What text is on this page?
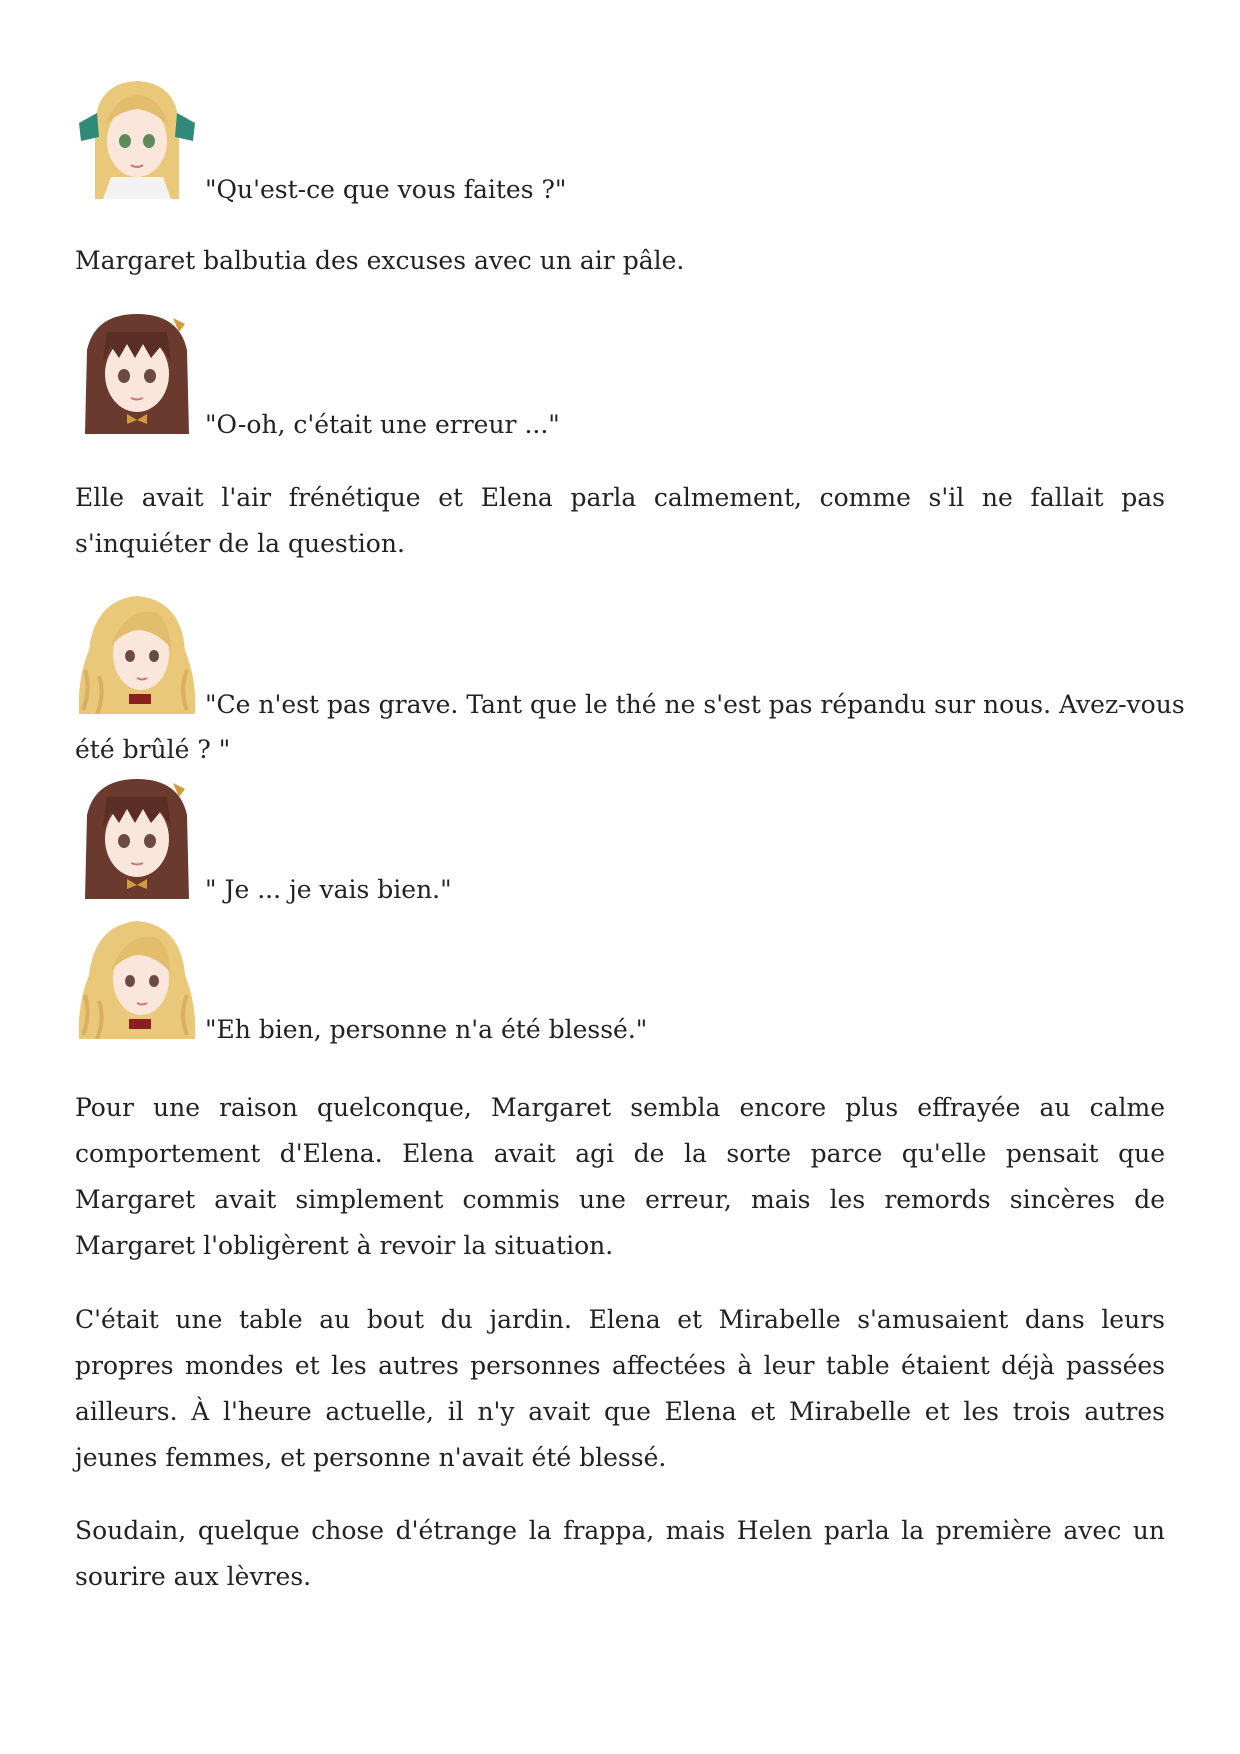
"Qu'est-ce que vous faites ?"

Margaret balbutia des excuses avec un air pâle.

"O-oh, c'était une erreur ..."

Elle avait l'air frénétique et Elena parla calmement, comme s'il ne fallait pas s'inquiéter de la question.

"Ce n'est pas grave. Tant que le thé ne s'est pas répandu sur nous. Avez-vous
été brûlé ? "
" Je ... je vais bien."
"Eh bien, personne n'a été blessé."

Pour une raison quelconque, Margaret sembla encore plus effrayée au calme comportement d'Elena. Elena avait agi de la sorte parce qu'elle pensait que Margaret avait simplement commis une erreur, mais les remords sincères de Margaret l'obligèrent à revoir la situation.

C'était une table au bout du jardin. Elena et Mirabelle s'amusaient dans leurs propres mondes et les autres personnes affectées à leur table étaient déjà passées ailleurs. À l'heure actuelle, il n'y avait que Elena et Mirabelle et les trois autres jeunes femmes, et personne n'avait été blessé.

Soudain, quelque chose d'étrange la frappa, mais Helen parla la première avec un sourire aux lèvres.
